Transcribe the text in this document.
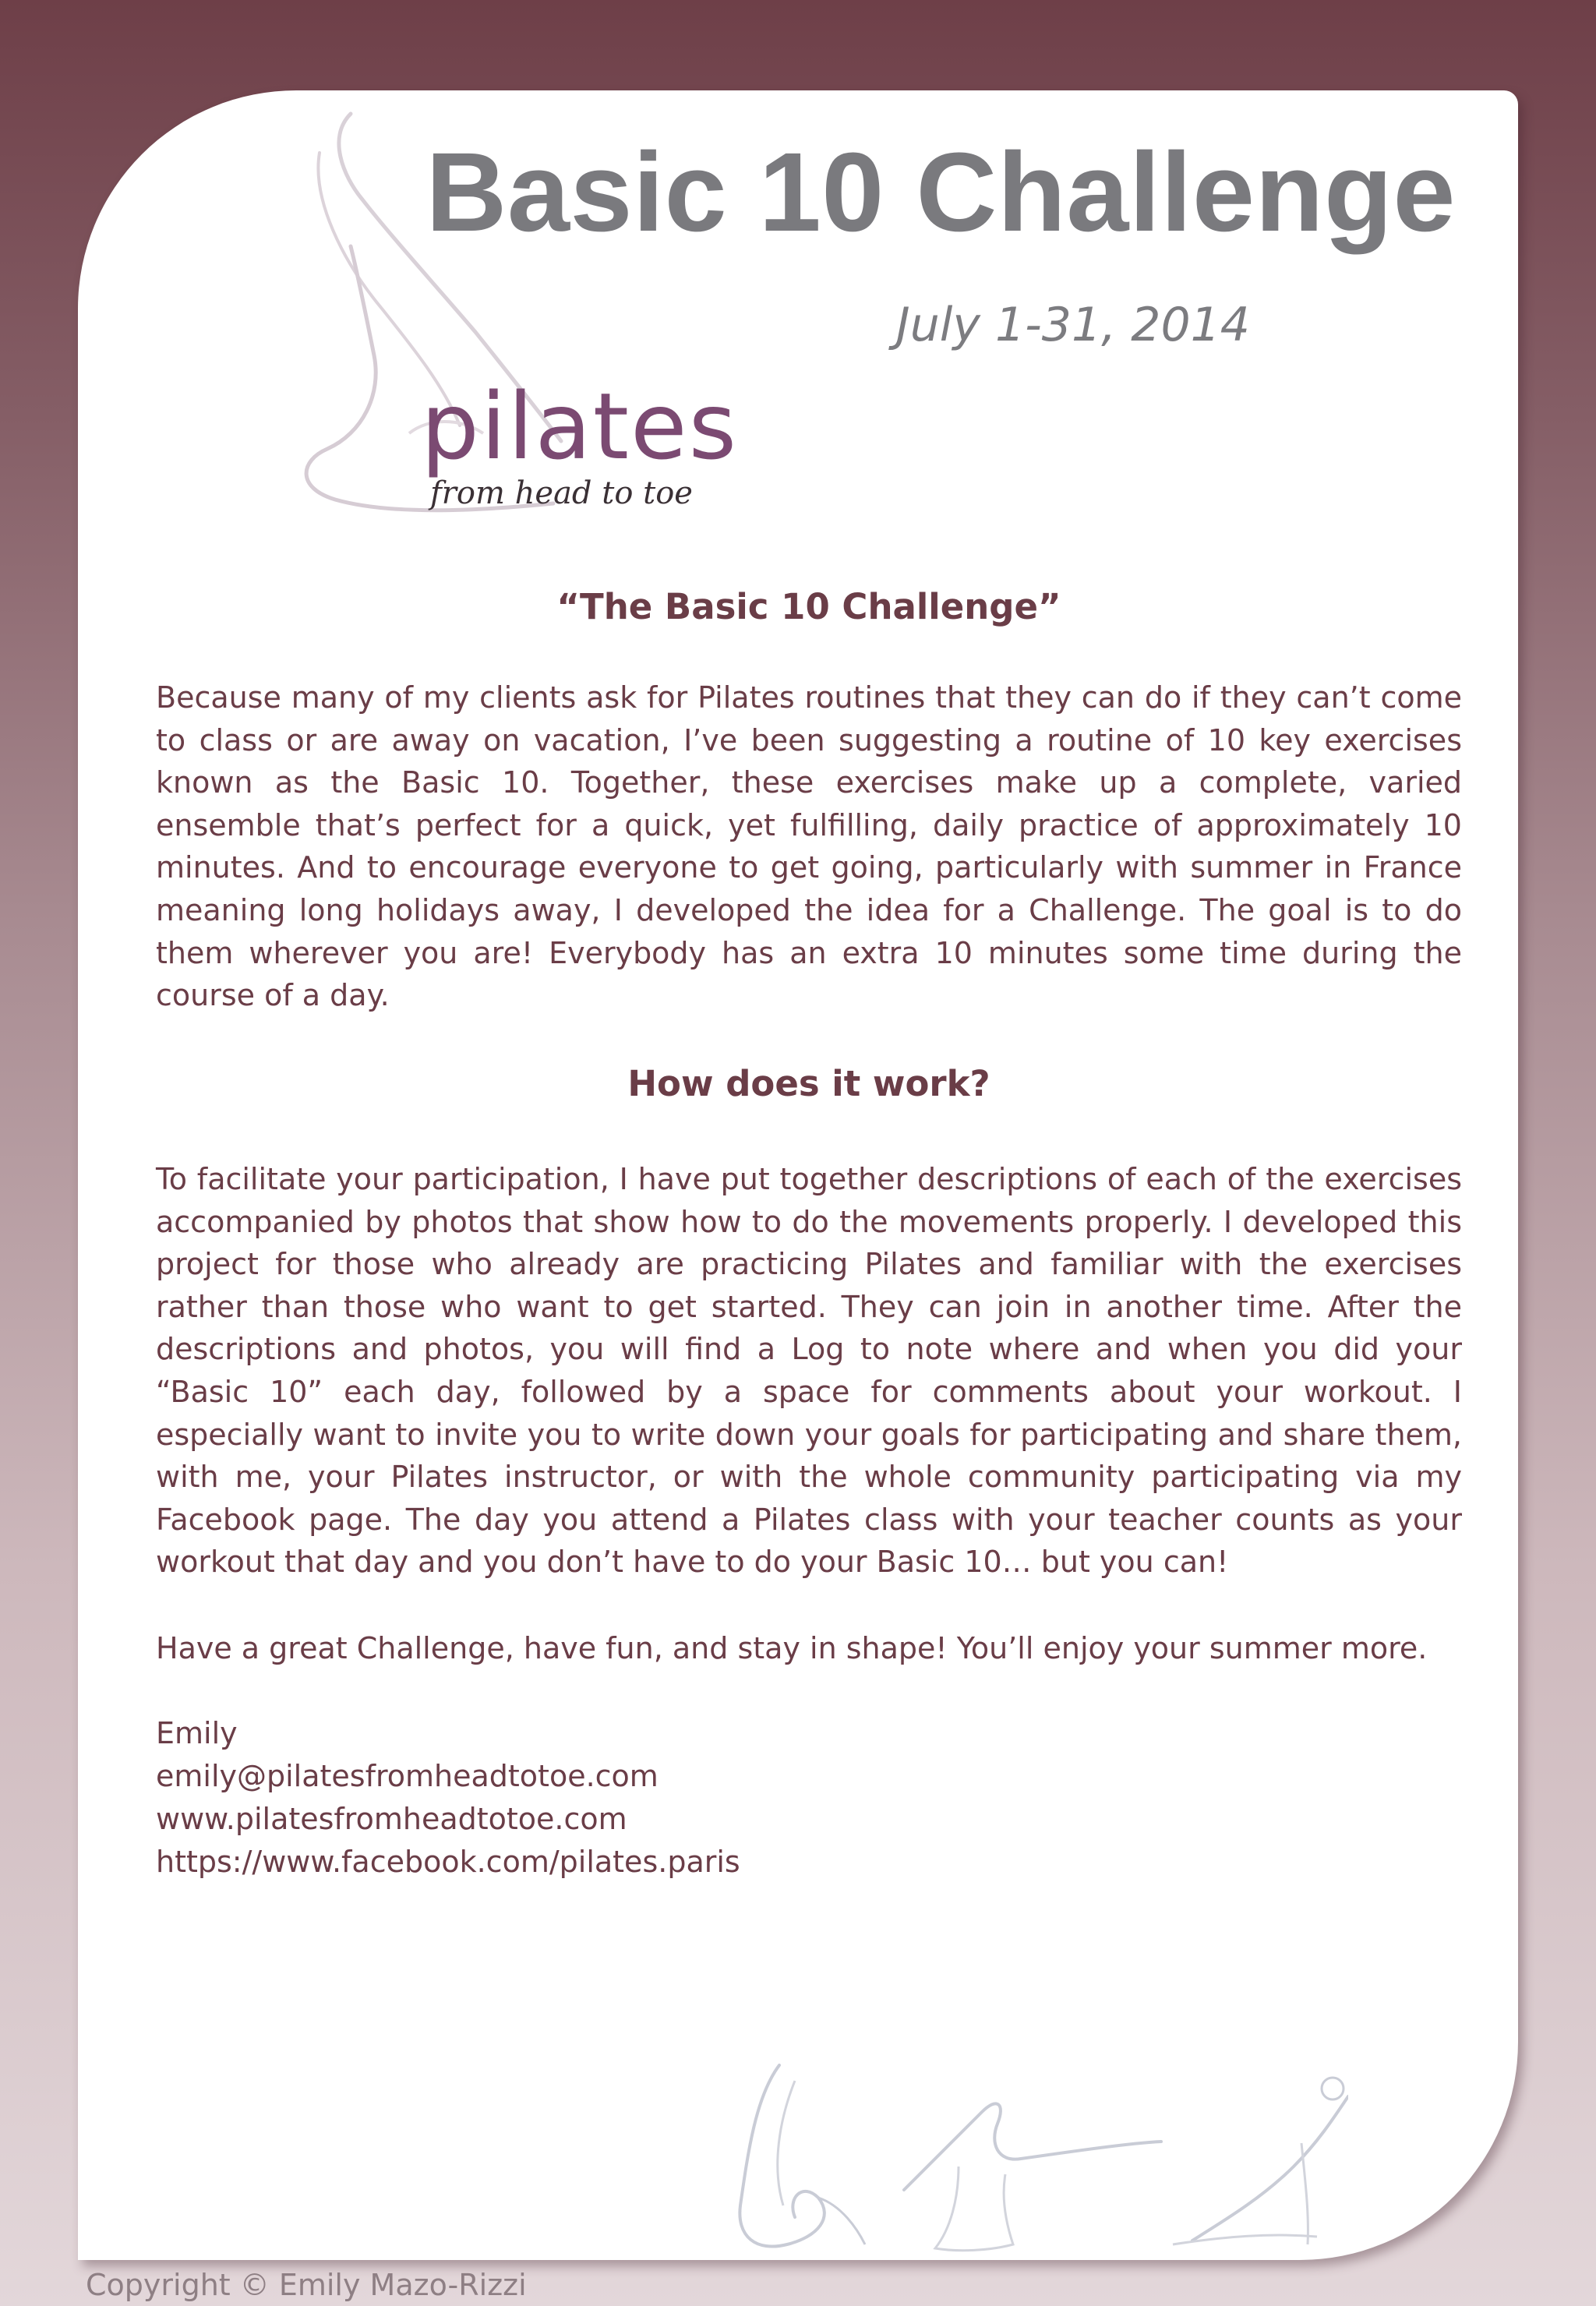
pilates
from head to toe
Basic 10 Challenge
July 1-31, 2014
“The Basic 10 Challenge”

Because many of my clients ask for Pilates routines that they can do if they can’t come to class or are away on vacation, I’ve been suggesting a routine of 10 key exercises known as the Basic 10. Together, these exercises make up a complete, varied ensemble that’s perfect for a quick, yet fulfilling, daily practice of approximately 10 minutes. And to encourage everyone to get going, particularly with summer in France meaning long holidays away, I developed the idea for a Challenge. The goal is to do them wherever you are! Everybody has an extra 10 minutes some time during the course of a day.

How does it work?

To facilitate your participation, I have put together descriptions of each of the exercises accompanied by photos that show how to do the movements properly. I developed this project for those who already are practicing Pilates and familiar with the exercises rather than those who want to get started. They can join in another time. After the descriptions and photos, you will find a Log to note where and when you did your “Basic 10” each day, followed by a space for comments about your workout. I especially want to invite you to write down your goals for participating and share them, with me, your Pilates instructor, or with the whole community participating via my Facebook page. The day you attend a Pilates class with your teacher counts as your workout that day and you don’t have to do your Basic 10… but you can!

Have a great Challenge, have fun, and stay in shape! You’ll enjoy your summer more.

Emily
emily@pilatesfromheadtotoe.com
www.pilatesfromheadtotoe.com
https://www.facebook.com/pilates.paris
Copyright © Emily Mazo-Rizzi
